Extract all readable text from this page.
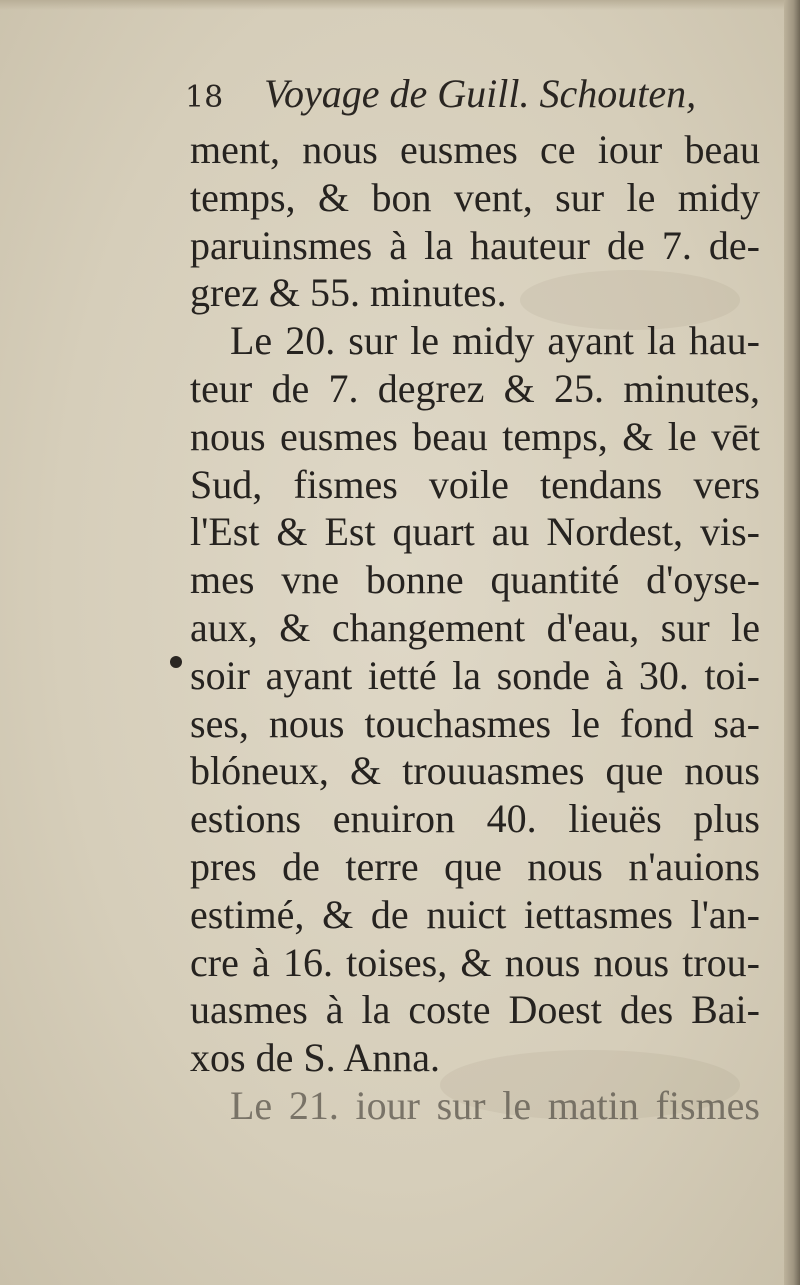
18 Voyage de Guill. Schouten,
ment, nous eusmes ce iour beau
temps, & bon vent, sur le midy
paruinsmes à la hauteur de 7. de-
grez & 55. minutes.
Le 20. sur le midy ayant la hau-
teur de 7. degrez & 25. minutes,
nous eusmes beau temps, & le vēt
Sud, fismes voile tendans vers
l'Est & Est quart au Nordest, vis-
mes vne bonne quantité d'oyse-
aux, & changement d'eau, sur le
soir ayant ietté la sonde à 30. toi-
ses, nous touchasmes le fond sa-
blóneux, & trouuasmes que nous
estions enuiron 40. lieuës plus
pres de terre que nous n'auions
estimé, & de nuict iettasmes l'an-
cre à 16. toises, & nous nous trou-
uasmes à la coste Doest des Bai-
xos de S. Anna.
Le 21. iour sur le matin fismes
